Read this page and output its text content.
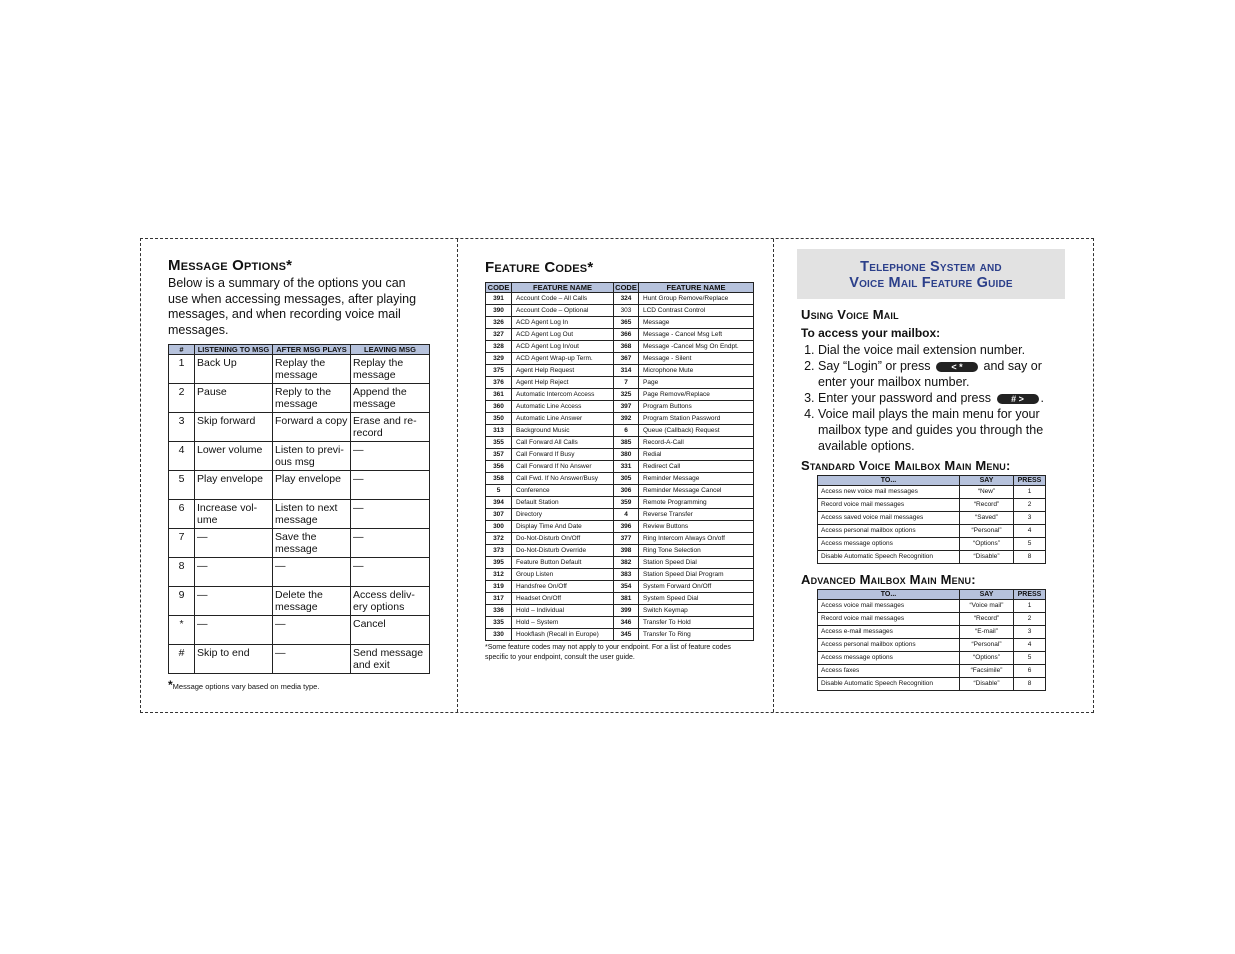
Message Options*

Below is a summary of the options you can use when accessing messages, after playing messages, and when recording voice mail messages.

#	LISTENING TO MSG	AFTER MSG PLAYS	LEAVING MSG
1	Back Up	Replay the message	Replay the message
2	Pause	Reply to the message	Append the message
3	Skip forward	Forward a copy	Erase and re-record
4	Lower volume	Listen to previ-ous msg	—
5	Play envelope	Play envelope	—
6	Increase vol-ume	Listen to next message	—
7	—	Save the message	—
8	—	—	—
9	—	Delete the message	Access deliv-ery options
*	—	—	Cancel
#	Skip to end	—	Send message and exit
*Message options vary based on media type.
Feature Codes*
CODE	FEATURE NAME	CODE	FEATURE NAME
391	Account Code – All Calls	324	Hunt Group Remove/Replace
390	Account Code – Optional	303	LCD Contrast Control
326	ACD Agent Log In	365	Message
327	ACD Agent Log Out	366	Message - Cancel Msg Left
328	ACD Agent Log In/out	368	Message -Cancel Msg On Endpt.
329	ACD Agent Wrap-up Term.	367	Message - Silent
375	Agent Help Request	314	Microphone Mute
376	Agent Help Reject	7	Page
361	Automatic Intercom Access	325	Page Remove/Replace
360	Automatic Line Access	397	Program Buttons
350	Automatic Line Answer	392	Program Station Password
313	Background Music	6	Queue (Callback) Request
355	Call Forward All Calls	385	Record-A-Call
357	Call Forward If Busy	380	Redial
356	Call Forward If No Answer	331	Redirect Call
358	Call Fwd. If No Answer/Busy	305	Reminder Message
5	Conference	306	Reminder Message Cancel
394	Default Station	359	Remote Programming
307	Directory	4	Reverse Transfer
300	Display Time And Date	396	Review Buttons
372	Do-Not-Disturb On/Off	377	Ring Intercom Always On/off
373	Do-Not-Disturb Override	398	Ring Tone Selection
395	Feature Button Default	382	Station Speed Dial
312	Group Listen	383	Station Speed Dial Program
319	Handsfree On/Off	354	System Forward On/Off
317	Headset On/Off	381	System Speed Dial
336	Hold – Individual	399	Switch Keymap
335	Hold – System	346	Transfer To Hold
330	Hookflash (Recall in Europe)	345	Transfer To Ring
*Some feature codes may not apply to your endpoint. For a list of feature codes specific to your endpoint, consult the user guide.
Telephone System and
Voice Mail Feature Guide
Using Voice Mail
To access your mailbox:
1. Dial the voice mail extension number.
2. Say “Login” or press < * and say or enter your mailbox number.
3. Enter your password and press # > .
4. Voice mail plays the main menu for your mailbox type and guides you through the available options.
Standard Voice Mailbox Main Menu:
TO...	SAY	PRESS
Access new voice mail messages	“New”	1
Record voice mail messages	“Record”	2
Access saved voice mail messages	“Saved”	3
Access personal mailbox options	“Personal”	4
Access message options	“Options”	5
Disable Automatic Speech Recognition	“Disable”	8
Advanced Mailbox Main Menu:
TO...	SAY	PRESS
Access voice mail messages	“Voice mail”	1
Record voice mail messages	“Record”	2
Access e-mail messages	“E-mail”	3
Access personal mailbox options	“Personal”	4
Access message options	“Options”	5
Access faxes	“Facsimile”	6
Disable Automatic Speech Recognition	“Disable”	8
